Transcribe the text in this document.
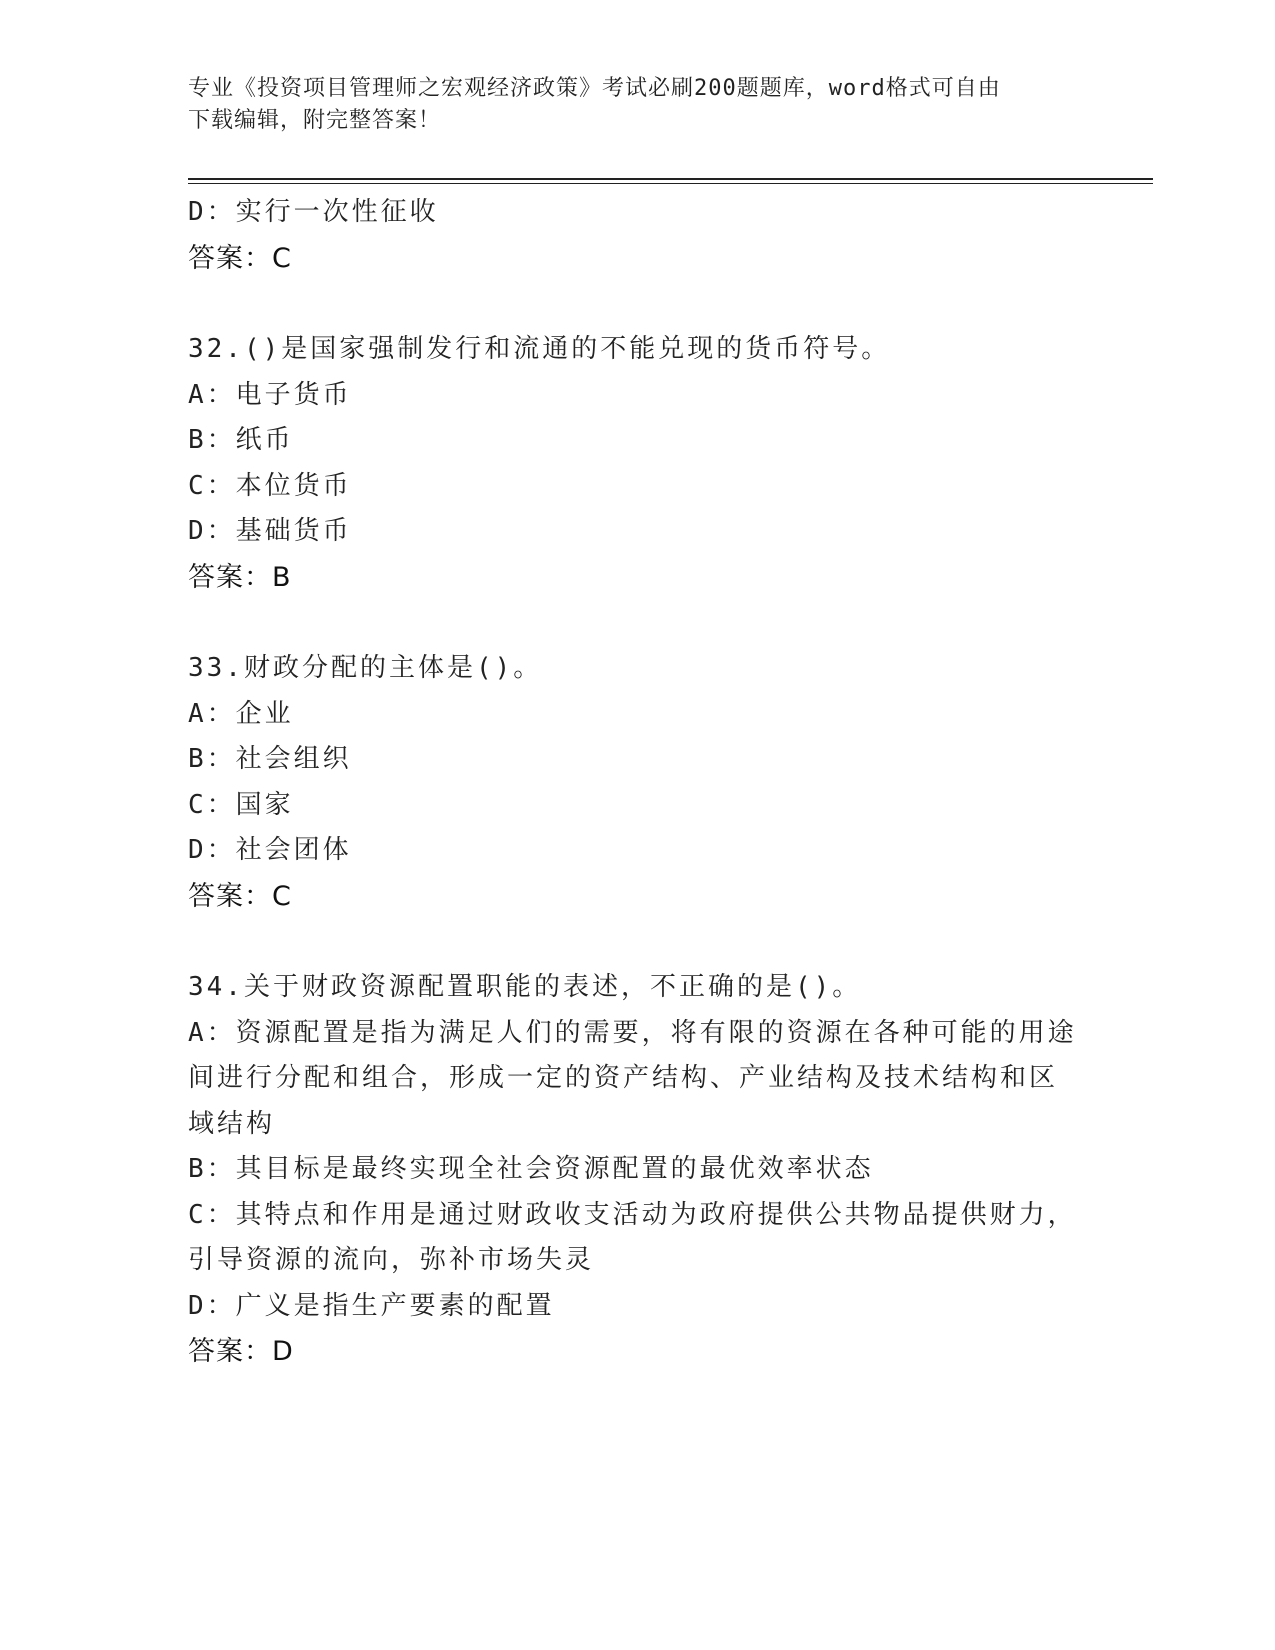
专业《投资项目管理师之宏观经济政策》考试必刷200题题库，word格式可自由
下载编辑，附完整答案！
D：实行一次性征收
答案：C
32.()是国家强制发行和流通的不能兑现的货币符号。
A：电子货币
B：纸币
C：本位货币
D：基础货币
答案：B
33.财政分配的主体是()。
A：企业
B：社会组织
C：国家
D：社会团体
答案：C
34.关于财政资源配置职能的表述，不正确的是()。
A：资源配置是指为满足人们的需要，将有限的资源在各种可能的用途
间进行分配和组合，形成一定的资产结构、产业结构及技术结构和区
域结构
B：其目标是最终实现全社会资源配置的最优效率状态
C：其特点和作用是通过财政收支活动为政府提供公共物品提供财力，
引导资源的流向，弥补市场失灵
D：广义是指生产要素的配置
答案：D
